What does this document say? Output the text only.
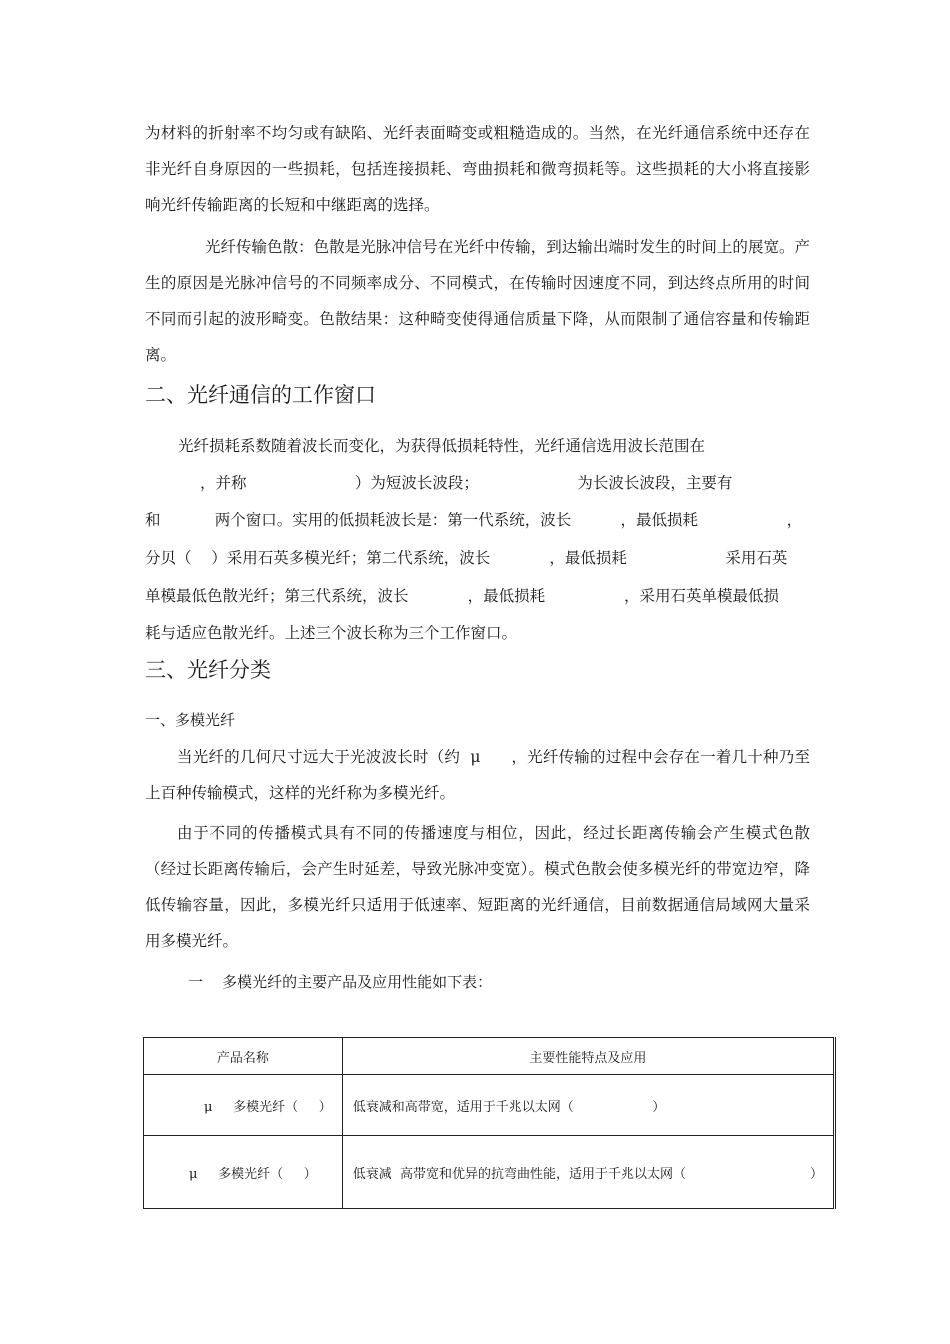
为材料的折射率不均匀或有缺陷、光纤表面畸变或粗糙造成的。当然，在光纤通信系统中还存在非光纤自身原因的一些损耗，包括连接损耗、弯曲损耗和微弯损耗等。这些损耗的大小将直接影响光纤传输距离的长短和中继距离的选择。
光纤传输色散：色散是光脉冲信号在光纤中传输，到达输出端时发生的时间上的展宽。产生的原因是光脉冲信号的不同频率成分、不同模式，在传输时因速度不同，到达终点所用的时间不同而引起的波形畸变。色散结果：这种畸变使得通信质量下降，从而限制了通信容量和传输距离。
二、光纤通信的工作窗口
光纤损耗系数随着波长而变化，为获得低损耗特性，光纤通信选用波长范围在
，并称                      ）为短波长波段；                    为长波长波段，主要有
和           两个窗口。实用的低损耗波长是：第一代系统，波长          ，最低损耗                  ，
分贝（    ）采用石英多模光纤；第二代系统，波长            ，最低损耗                    采用石英
单模最低色散光纤；第三代系统，波长            ，最低损耗                ，采用石英单模最低损
耗与适应色散光纤。上述三个波长称为三个工作窗口。
三、光纤分类
一、多模光纤
当光纤的几何尺寸远大于光波波长时（约  μ      ，光纤传输的过程中会存在一着几十种乃至上百种传输模式，这样的光纤称为多模光纤。
由于不同的传播模式具有不同的传播速度与相位，因此，经过长距离传输会产生模式色散（经过长距离传输后，会产生时延差，导致光脉冲变宽）。模式色散会使多模光纤的带宽边窄，降低传输容量，因此，多模光纤只适用于低速率、短距离的光纤通信，目前数据通信局域网大量采用多模光纤。
一    多模光纤的主要产品及应用性能如下表：
产品名称	主要性能特点及应用
μ     多模光纤（     ）	低衰减和高带宽，适用于千兆以太网（                   ）
μ     多模光纤（     ）	低衰减  高带宽和优异的抗弯曲性能，适用于千兆以太网（                              ）
